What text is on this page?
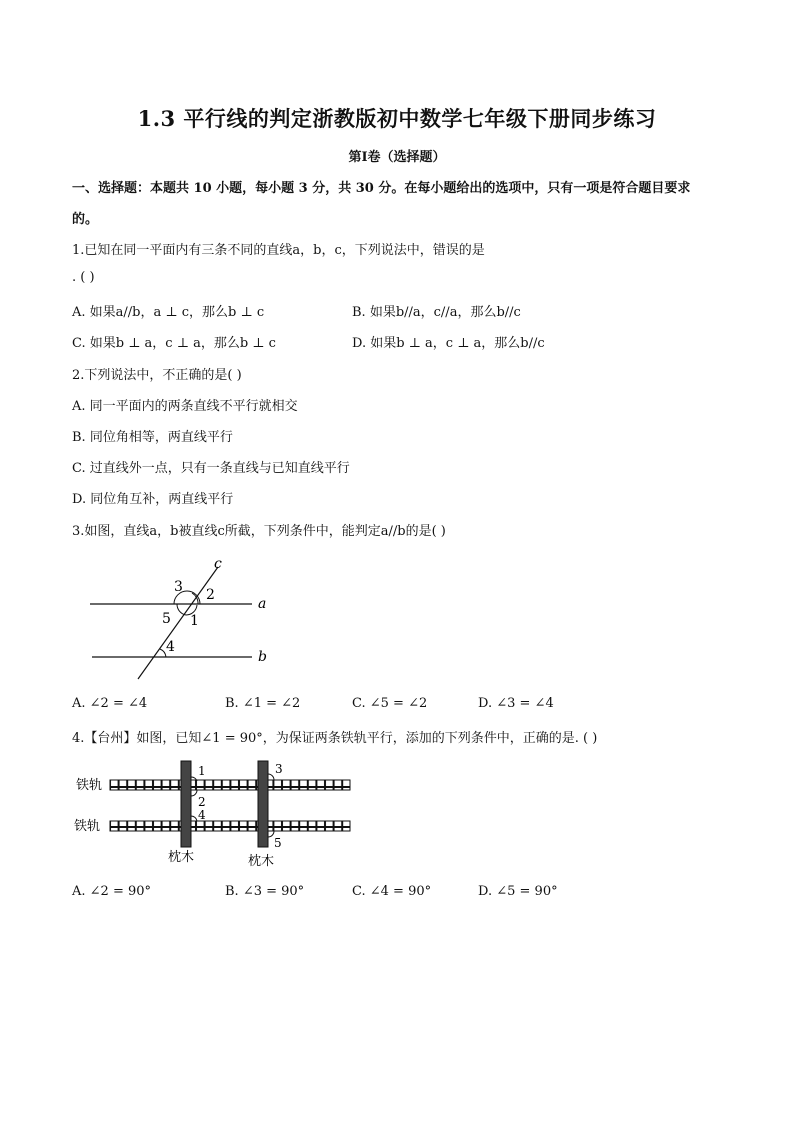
1.3 平行线的判定浙教版初中数学七年级下册同步练习
第I卷（选择题）
一、选择题：本题共 10 小题，每小题 3 分，共 30 分。在每小题给出的选项中，只有一项是符合题目要求
的。
1.已知在同一平面内有三条不同的直线a，b，c，下列说法中，错误的是
. ( )
A. 如果a//b，a ⊥ c，那么b ⊥ c	B. 如果b//a，c//a，那么b//c
C. 如果b ⊥ a，c ⊥ a，那么b ⊥ c	D. 如果b ⊥ a，c ⊥ a，那么b//c
2.下列说法中，不正确的是( )
A. 同一平面内的两条直线不平行就相交
B. 同位角相等，两直线平行
C. 过直线外一点，只有一条直线与已知直线平行
D. 同位角互补，两直线平行
3.如图，直线a，b被直线c所截，下列条件中，能判定a//b的是( )
c
a
b
3 2
5 1
4
A. ∠2 = ∠4	B. ∠1 = ∠2	C. ∠5 = ∠2	D. ∠3 = ∠4
4.【台州】如图，已知∠1 = 90°，为保证两条铁轨平行，添加的下列条件中，正确的是. ( )
铁轨
铁轨
1
2
3
4
5
枕木	枕木
A. ∠2 = 90°	B. ∠3 = 90°	C. ∠4 = 90°	D. ∠5 = 90°
